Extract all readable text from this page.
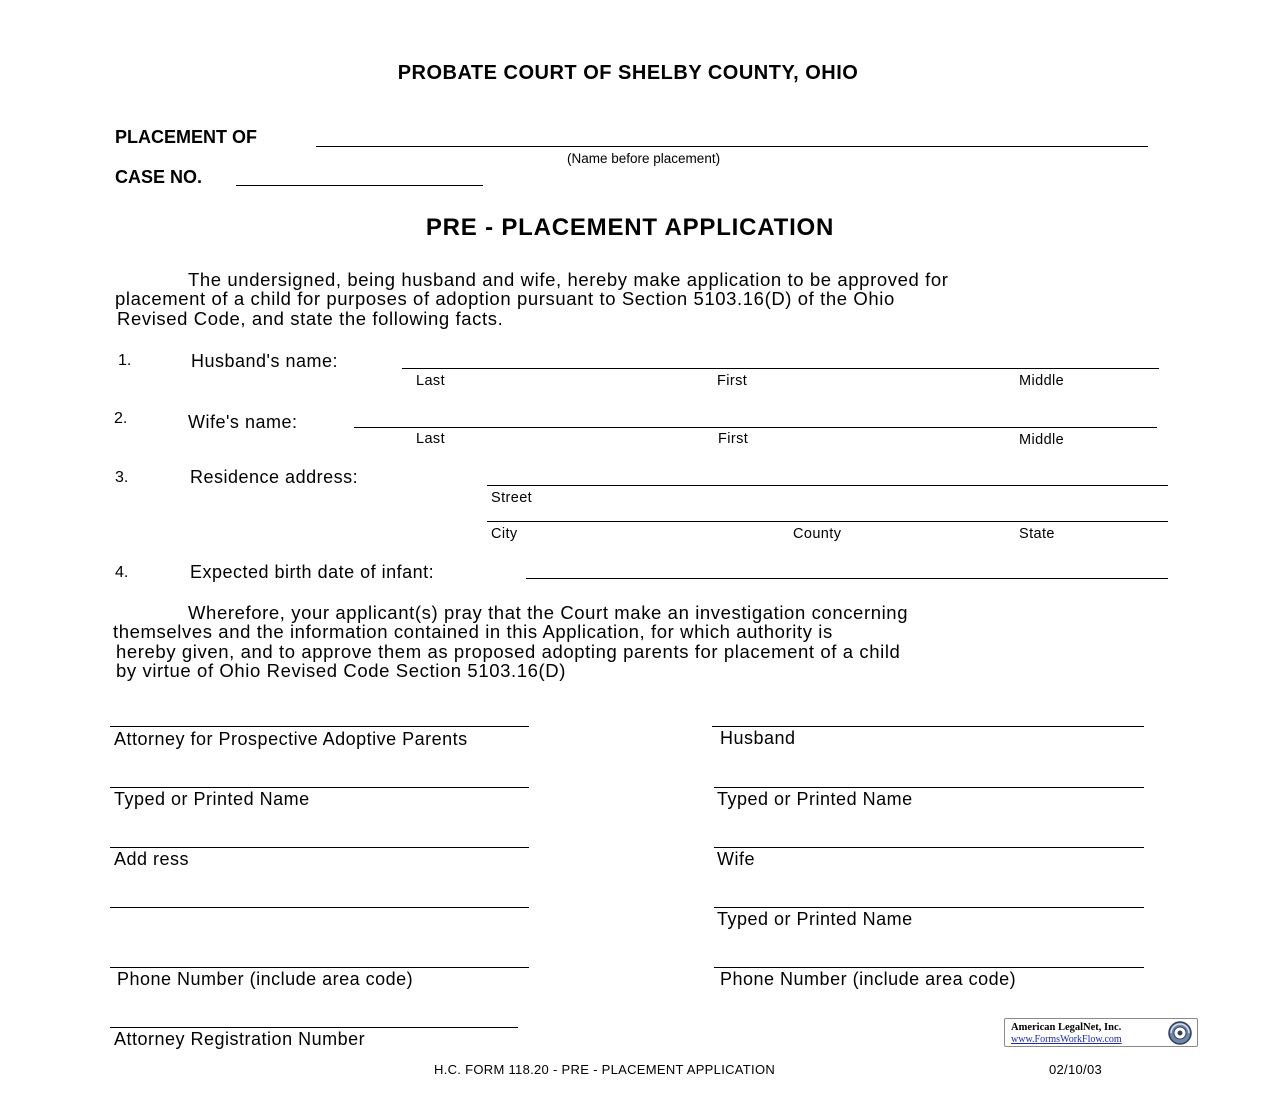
PROBATE COURT OF SHELBY COUNTY, OHIO
PLACEMENT OF
(Name before placement)
CASE NO.
PRE - PLACEMENT APPLICATION
The undersigned, being husband and wife, hereby make application to be approved for
placement of a child for purposes of adoption pursuant to Section 5103.16(D) of the Ohio
Revised Code, and state the following facts.
1.	Husband's name:
Last	First	Middle
2.	Wife's name:
Last	First	Middle
3.	Residence address:
Street
City	County	State
4.	Expected birth date of infant:
Wherefore, your applicant(s) pray that the Court make an investigation concerning
themselves and the information contained in this Application, for which authority is
hereby given, and to approve them as proposed adopting parents for placement of a child
by virtue of Ohio Revised Code Section 5103.16(D)
Attorney for Prospective Adoptive Parents
Typed or Printed Name
Add ress
Phone Number (include area code)
Attorney Registration Number
Husband
Typed or Printed Name
Wife
Typed or Printed Name
Phone Number (include area code)
American LegalNet, Inc.
www.FormsWorkFlow.com
H.C. FORM 118.20 - PRE - PLACEMENT APPLICATION	02/10/03
